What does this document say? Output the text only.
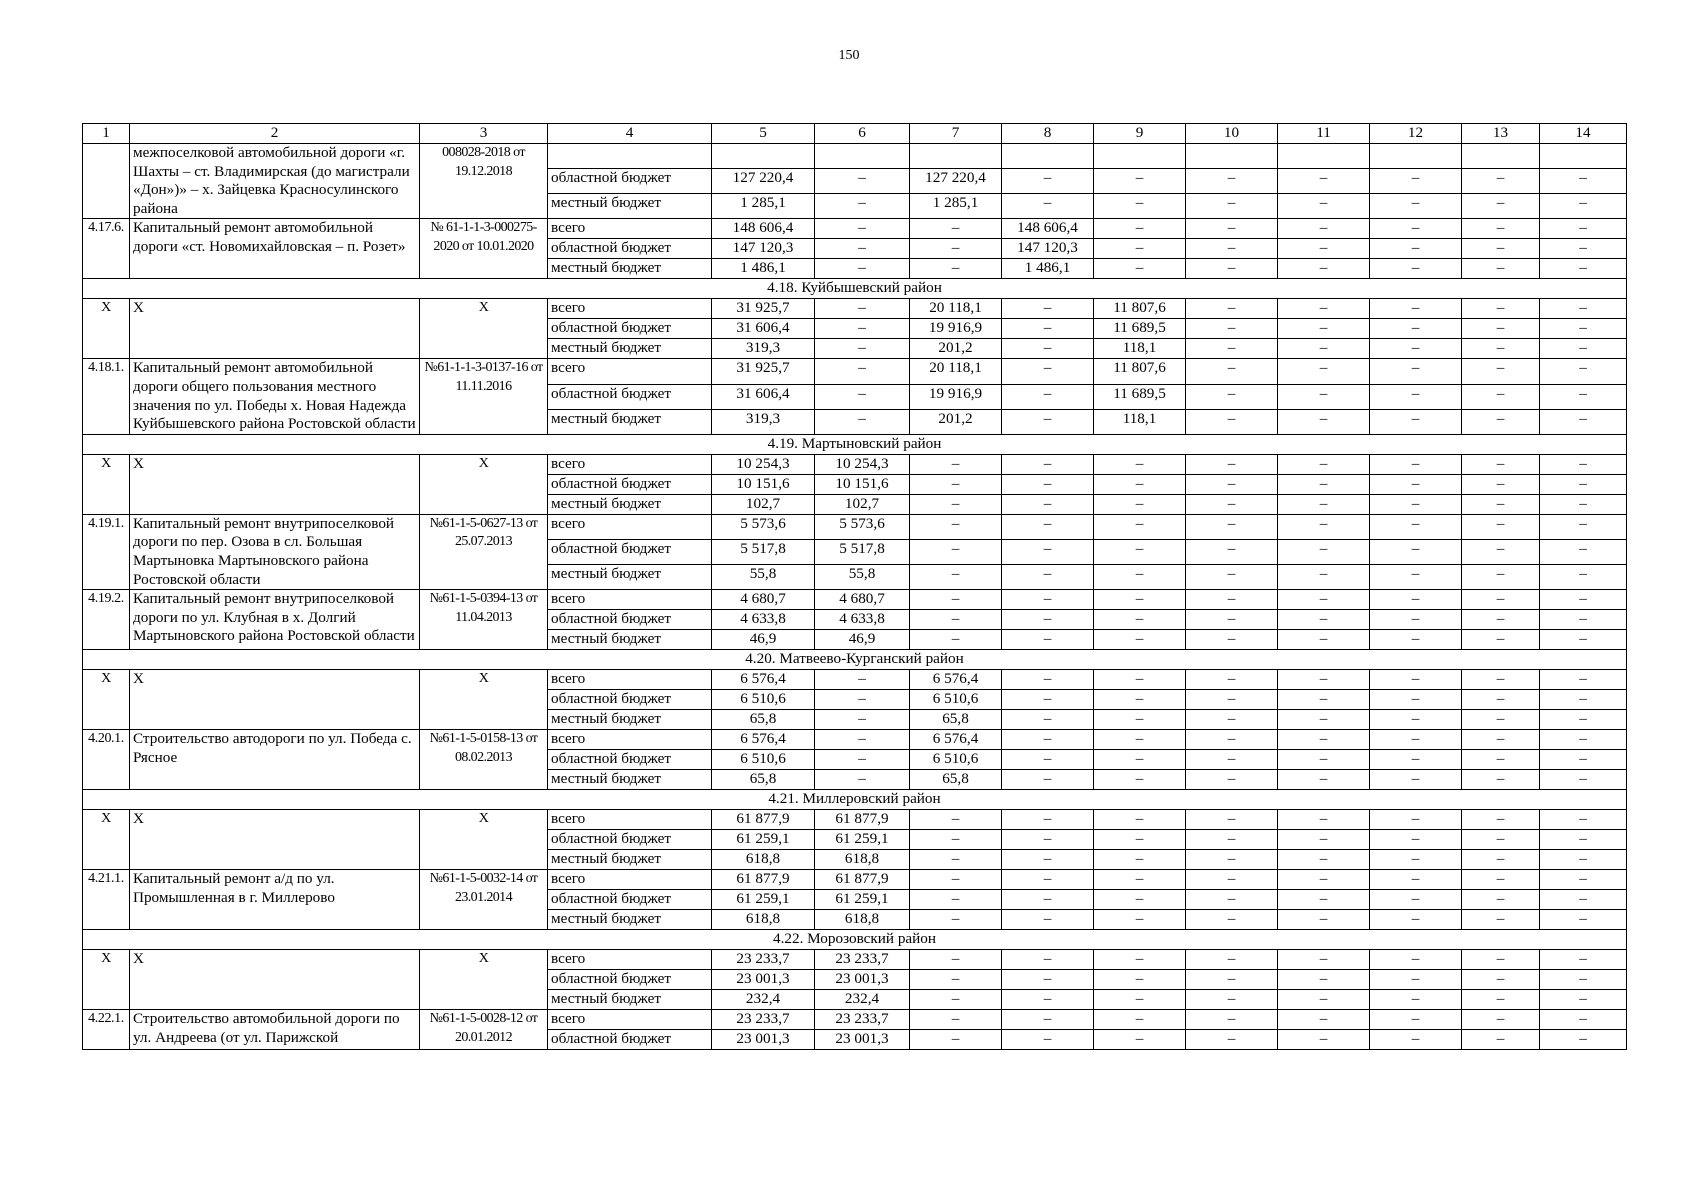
150
1	2	3	4	5	6	7	8	9	10	11	12	13	14
	межпоселковой автомобильной дороги «г. Шахты – ст. Владимирская (до магистрали «Дон»)» – х. Зайцевка Красносулинского района	008028-2018 от 19.12.2018											
			областной бюджет	127 220,4	–	127 220,4	–	–	–	–	–	–	–
			местный бюджет	1 285,1	–	1 285,1	–	–	–	–	–	–	–
4.17.6.	Капитальный ремонт автомобильной дороги «ст. Новомихайловская – п. Розет»	№ 61-1-1-3-000275-2020 от 10.01.2020	всего	148 606,4	–	–	148 606,4	–	–	–	–	–	–
			областной бюджет	147 120,3	–	–	147 120,3	–	–	–	–	–	–
			местный бюджет	1 486,1	–	–	1 486,1	–	–	–	–	–	–
4.18. Куйбышевский район													
X	X	X	всего	31 925,7	–	20 118,1	–	11 807,6	–	–	–	–	–
			областной бюджет	31 606,4	–	19 916,9	–	11 689,5	–	–	–	–	–
			местный бюджет	319,3	–	201,2	–	118,1	–	–	–	–	–
4.18.1.	Капитальный ремонт автомобильной дороги общего пользования местного значения по ул. Победы х. Новая Надежда Куйбышевского района Ростовской области	№61-1-1-3-0137-16 от 11.11.2016	всего	31 925,7	–	20 118,1	–	11 807,6	–	–	–	–	–
			областной бюджет	31 606,4	–	19 916,9	–	11 689,5	–	–	–	–	–
			местный бюджет	319,3	–	201,2	–	118,1	–	–	–	–	–
4.19. Мартыновский район													
X	X	X	всего	10 254,3	10 254,3	–	–	–	–	–	–	–	–
			областной бюджет	10 151,6	10 151,6	–	–	–	–	–	–	–	–
			местный бюджет	102,7	102,7	–	–	–	–	–	–	–	–
4.19.1.	Капитальный ремонт внутрипоселковой дороги по пер. Озова в сл. Большая Мартыновка Мартыновского района Ростовской области	№61-1-5-0627-13 от 25.07.2013	всего	5 573,6	5 573,6	–	–	–	–	–	–	–	–
			областной бюджет	5 517,8	5 517,8	–	–	–	–	–	–	–	–
			местный бюджет	55,8	55,8	–	–	–	–	–	–	–	–
4.19.2.	Капитальный ремонт внутрипоселковой дороги по ул. Клубная в х. Долгий Мартыновского района Ростовской области	№61-1-5-0394-13 от 11.04.2013	всего	4 680,7	4 680,7	–	–	–	–	–	–	–	–
			областной бюджет	4 633,8	4 633,8	–	–	–	–	–	–	–	–
			местный бюджет	46,9	46,9	–	–	–	–	–	–	–	–
4.20. Матвеево-Курганский район													
X	X	X	всего	6 576,4	–	6 576,4	–	–	–	–	–	–	–
			областной бюджет	6 510,6	–	6 510,6	–	–	–	–	–	–	–
			местный бюджет	65,8	–	65,8	–	–	–	–	–	–	–
4.20.1.	Строительство автодороги по ул. Победа с. Рясное	№61-1-5-0158-13 от 08.02.2013	всего	6 576,4	–	6 576,4	–	–	–	–	–	–	–
			областной бюджет	6 510,6	–	6 510,6	–	–	–	–	–	–	–
			местный бюджет	65,8	–	65,8	–	–	–	–	–	–	–
4.21. Миллеровский район													
X	X	X	всего	61 877,9	61 877,9	–	–	–	–	–	–	–	–
			областной бюджет	61 259,1	61 259,1	–	–	–	–	–	–	–	–
			местный бюджет	618,8	618,8	–	–	–	–	–	–	–	–
4.21.1.	Капитальный ремонт а/д по ул. Промышленная в г. Миллерово	№61-1-5-0032-14 от 23.01.2014	всего	61 877,9	61 877,9	–	–	–	–	–	–	–	–
			областной бюджет	61 259,1	61 259,1	–	–	–	–	–	–	–	–
			местный бюджет	618,8	618,8	–	–	–	–	–	–	–	–
4.22. Морозовский район													
X	X	X	всего	23 233,7	23 233,7	–	–	–	–	–	–	–	–
			областной бюджет	23 001,3	23 001,3	–	–	–	–	–	–	–	–
			местный бюджет	232,4	232,4	–	–	–	–	–	–	–	–
4.22.1.	Строительство автомобильной дороги по ул. Андреева (от ул. Парижской	№61-1-5-0028-12 от 20.01.2012	всего	23 233,7	23 233,7	–	–	–	–	–	–	–	–
			областной бюджет	23 001,3	23 001,3	–	–	–	–	–	–	–	–
